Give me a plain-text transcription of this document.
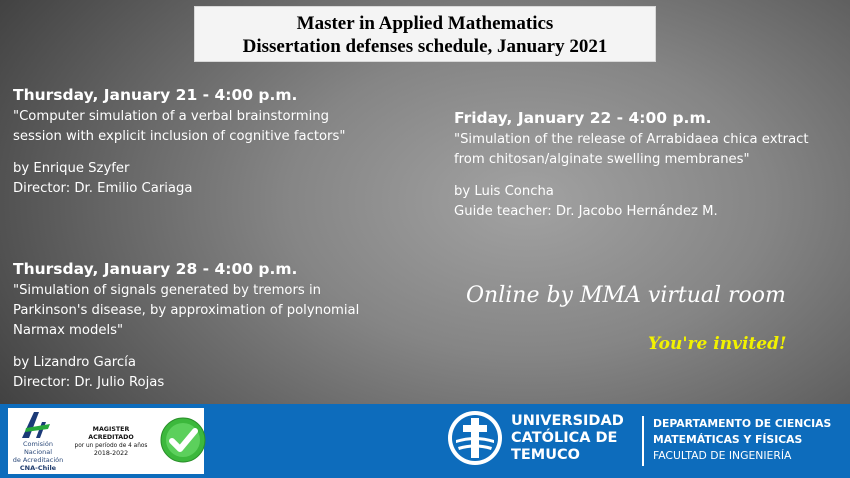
Master in Applied Mathematics
Dissertation defenses schedule, January 2021
Thursday, January 21 - 4:00 p.m.
"Computer simulation of a verbal brainstorming
session with explicit inclusion of cognitive factors"
by Enrique Szyfer
Director: Dr. Emilio Cariaga
Friday, January 22 - 4:00 p.m.
"Simulation of the release of Arrabidaea chica extract
from chitosan/alginate swelling membranes"
by Luis Concha
Guide teacher: Dr. Jacobo Hernández M.
Thursday, January 28 - 4:00 p.m.
"Simulation of signals generated by tremors in
Parkinson's disease, by approximation of polynomial
Narmax models"
by Lizandro García
Director: Dr. Julio Rojas
Online by MMA virtual room
You're invited!
Comisión Nacional
de Acreditación
CNA-Chile
MAGISTER ACREDITADO
por un período de 4 años
2018-2022
UNIVERSIDAD
CATÓLICA DE
TEMUCO
DEPARTAMENTO DE CIENCIAS
MATEMÁTICAS Y FÍSICAS
FACULTAD DE INGENIERÍA
